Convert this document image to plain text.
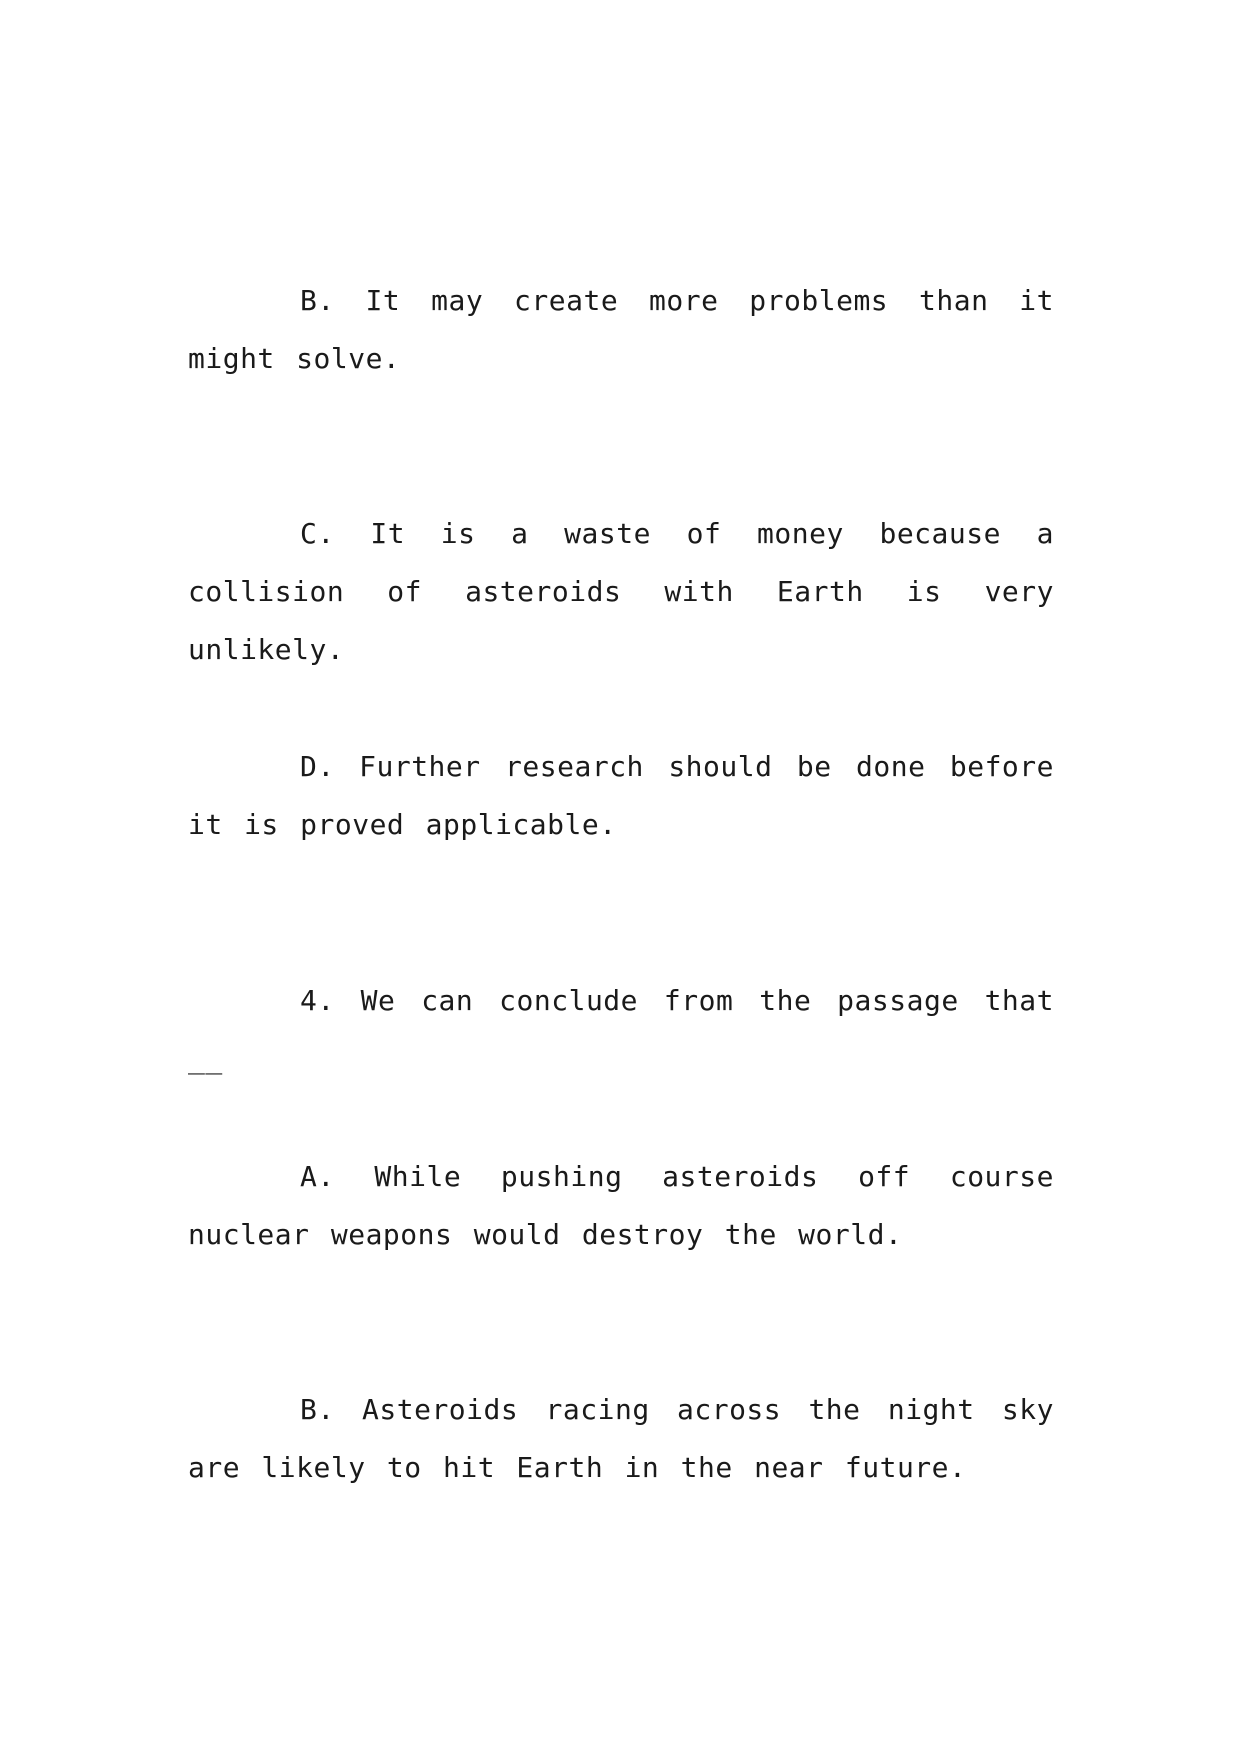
B. It may create more problems than it might solve.

C. It is a waste of money because a collision of asteroids with Earth is very unlikely.

D. Further research should be done before it is proved applicable.

4. We can conclude from the passage that __

A. While pushing asteroids off course nuclear weapons would destroy the world.

B. Asteroids racing across the night sky are likely to hit Earth in the near future.
